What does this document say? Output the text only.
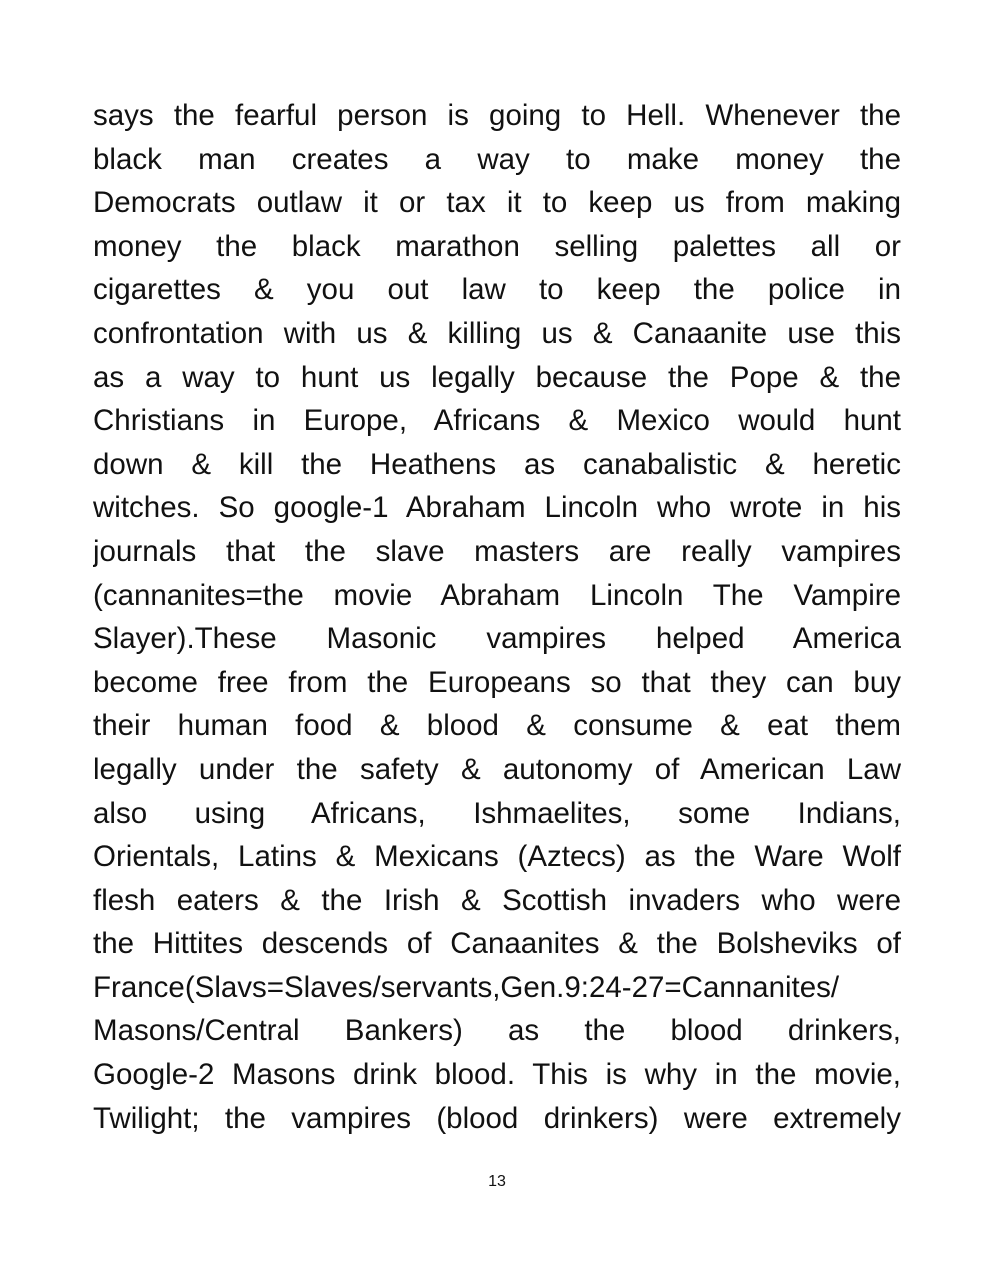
says the fearful person is going to Hell. Whenever the
black man creates a way to make money the
Democrats outlaw it or tax it to keep us from making
money the black marathon selling palettes all or
cigarettes & you out law to keep the police in
confrontation with us & killing us & Canaanite use this
as a way to hunt us legally because the Pope & the
Christians in Europe, Africans & Mexico would hunt
down & kill the Heathens as canabalistic & heretic
witches. So google-1 Abraham Lincoln who wrote in his
journals that the slave masters are really vampires
(cannanites=the movie Abraham Lincoln The Vampire
Slayer).These Masonic vampires helped America
become free from the Europeans so that they can buy
their human food & blood & consume & eat them
legally under the safety & autonomy of American Law
also using Africans, Ishmaelites, some Indians,
Orientals, Latins & Mexicans (Aztecs) as the Ware Wolf
flesh eaters & the Irish & Scottish invaders who were
the Hittites descends of Canaanites & the Bolsheviks of
France(Slavs=Slaves/servants,Gen.9:24-27=Cannanites/
Masons/Central Bankers) as the blood drinkers,
Google-2 Masons drink blood. This is why in the movie,
Twilight; the vampires (blood drinkers) were extremely
13
